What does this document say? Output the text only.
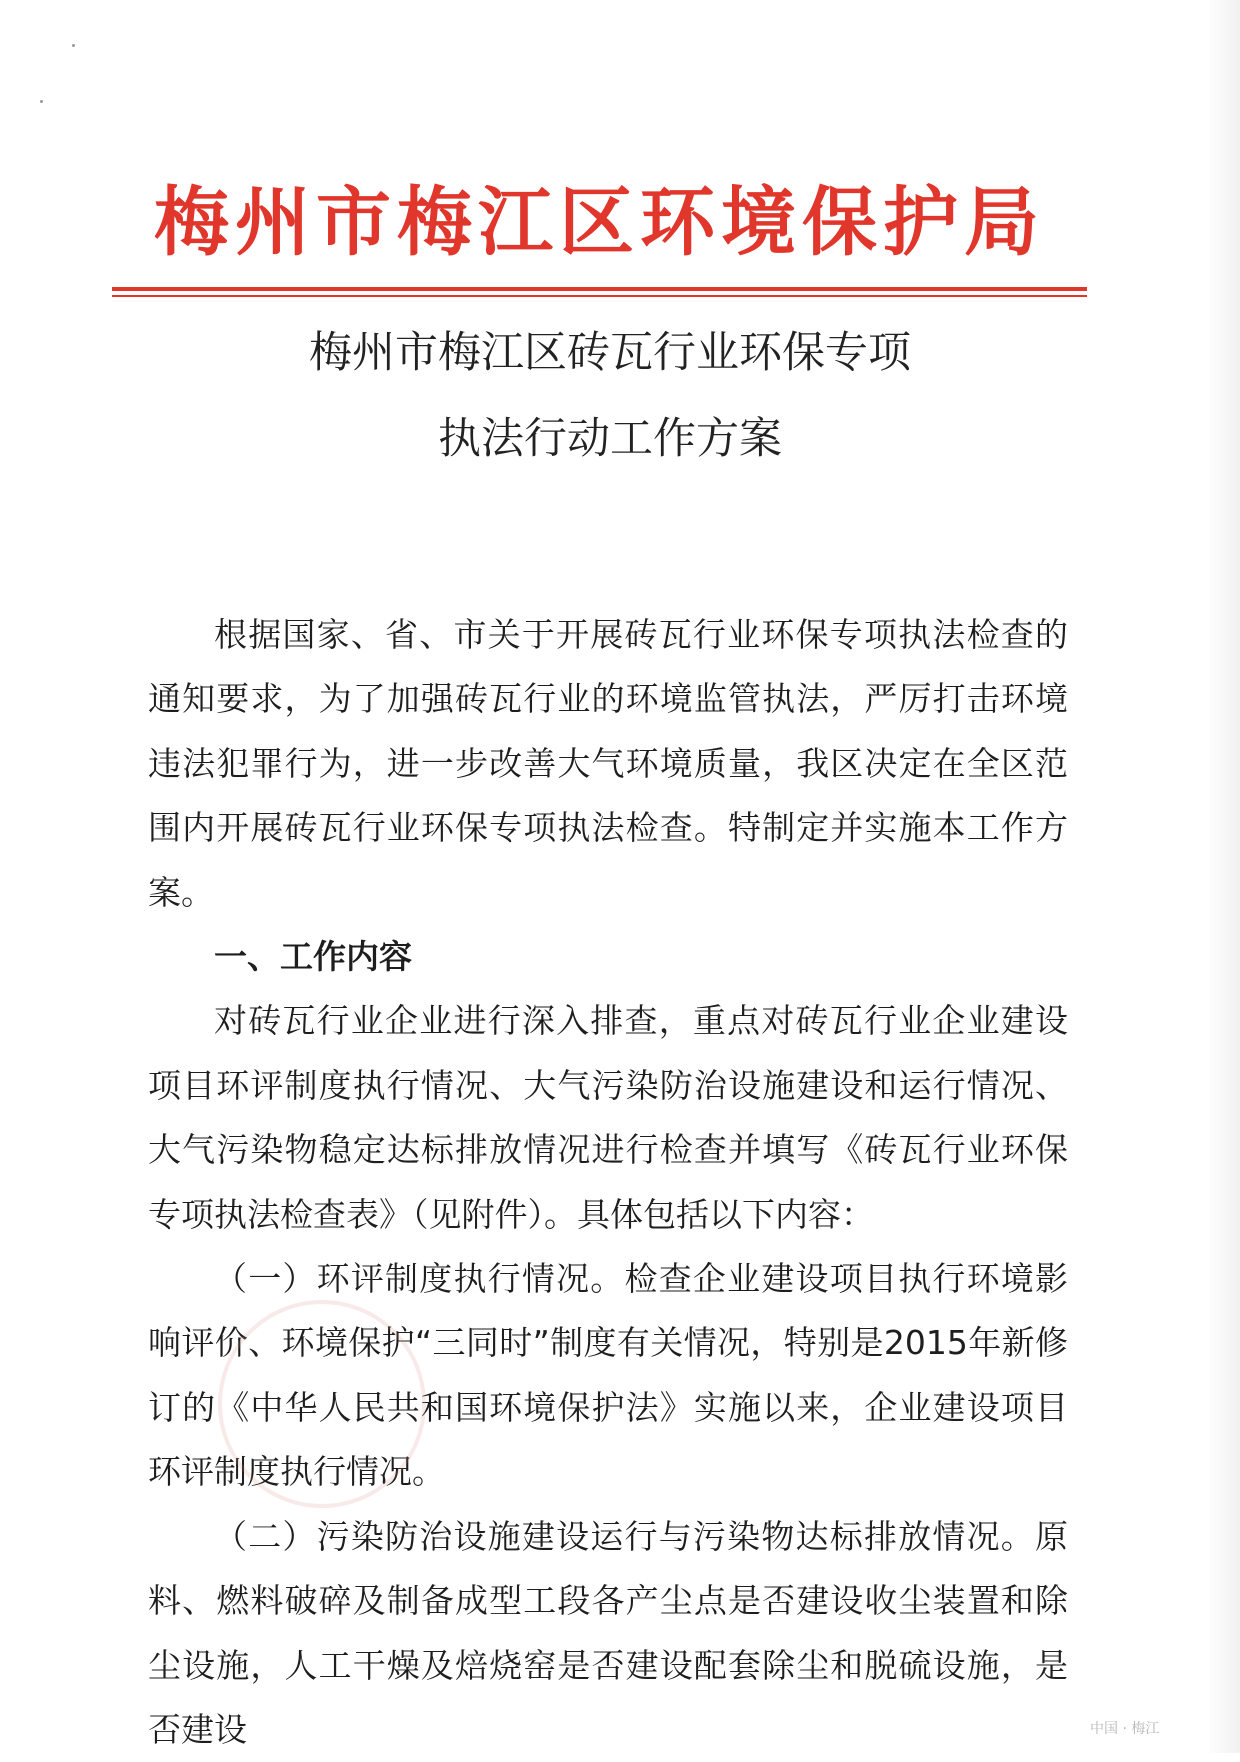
梅州市梅江区环境保护局
梅州市梅江区砖瓦行业环保专项
执法行动工作方案

根据国家、省、市关于开展砖瓦行业环保专项执法检查的通知要求，为了加强砖瓦行业的环境监管执法，严厉打击环境违法犯罪行为，进一步改善大气环境质量，我区决定在全区范围内开展砖瓦行业环保专项执法检查。特制定并实施本工作方案。

一、工作内容

对砖瓦行业企业进行深入排查，重点对砖瓦行业企业建设项目环评制度执行情况、大气污染防治设施建设和运行情况、大气污染物稳定达标排放情况进行检查并填写《砖瓦行业环保专项执法检查表》（见附件）。具体包括以下内容：

（一）环评制度执行情况。检查企业建设项目执行环境影响评价、环境保护“三同时”制度有关情况，特别是2015年新修订的《中华人民共和国环境保护法》实施以来，企业建设项目环评制度执行情况。

（二）污染防治设施建设运行与污染物达标排放情况。原料、燃料破碎及制备成型工段各产尘点是否建设收尘装置和除尘设施，人工干燥及焙烧窑是否建设配套除尘和脱硫设施，是否建设	中国 · 梅江
